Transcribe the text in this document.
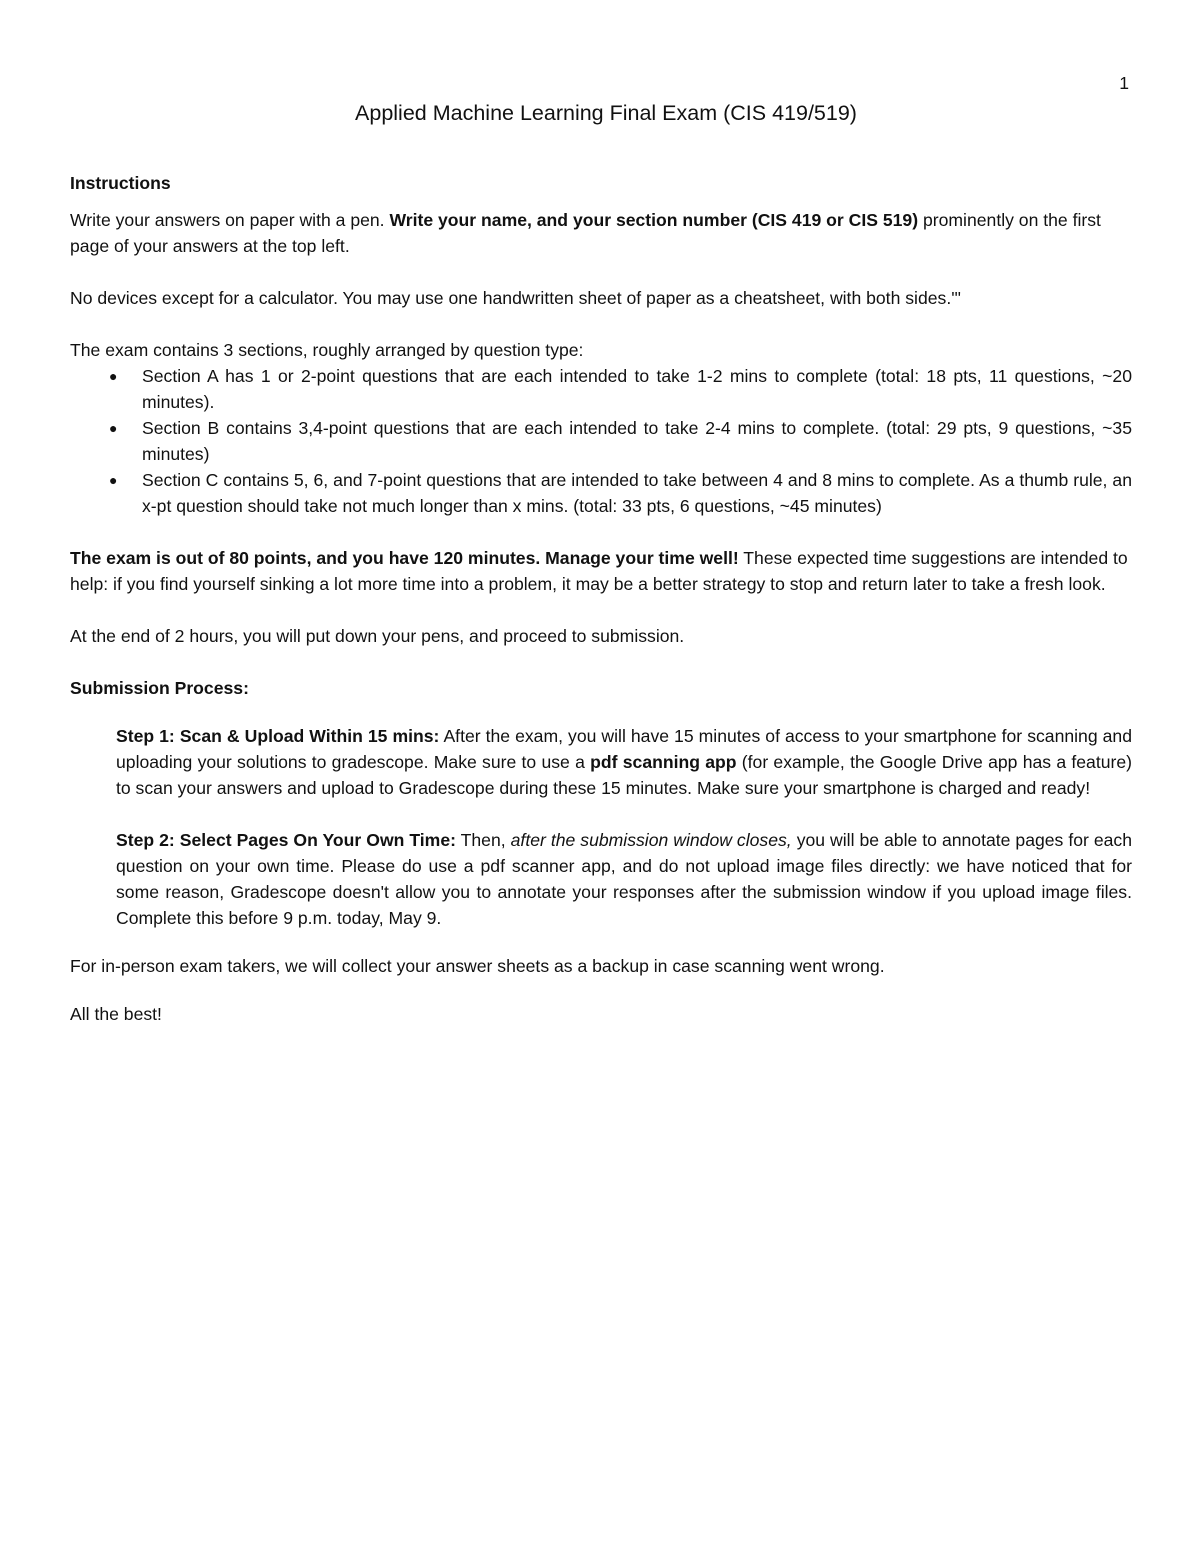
1
Applied Machine Learning Final Exam (CIS 419/519)

Instructions

Write your answers on paper with a pen. Write your name, and your section number (CIS 419 or CIS 519) prominently on the first page of your answers at the top left.

No devices except for a calculator. You may use one handwritten sheet of paper as a cheatsheet, with both sides.'"

The exam contains 3 sections, roughly arranged by question type:

● Section A has 1 or 2-point questions that are each intended to take 1-2 mins to complete (total: 18 pts, 11 questions, ~20 minutes).
● Section B contains 3,4-point questions that are each intended to take 2-4 mins to complete. (total: 29 pts, 9 questions, ~35 minutes)
● Section C contains 5, 6, and 7-point questions that are intended to take between 4 and 8 mins to complete. As a thumb rule, an x-pt question should take not much longer than x mins. (total: 33 pts, 6 questions, ~45 minutes)

The exam is out of 80 points, and you have 120 minutes. Manage your time well! These expected time suggestions are intended to help: if you find yourself sinking a lot more time into a problem, it may be a better strategy to stop and return later to take a fresh look.

At the end of 2 hours, you will put down your pens, and proceed to submission.

Submission Process:

Step 1: Scan & Upload Within 15 mins: After the exam, you will have 15 minutes of access to your smartphone for scanning and uploading your solutions to gradescope. Make sure to use a pdf scanning app (for example, the Google Drive app has a feature) to scan your answers and upload to Gradescope during these 15 minutes. Make sure your smartphone is charged and ready!

Step 2: Select Pages On Your Own Time: Then, after the submission window closes, you will be able to annotate pages for each question on your own time. Please do use a pdf scanner app, and do not upload image files directly: we have noticed that for some reason, Gradescope doesn't allow you to annotate your responses after the submission window if you upload image files. Complete this before 9 p.m. today, May 9.

For in-person exam takers, we will collect your answer sheets as a backup in case scanning went wrong.

All the best!
